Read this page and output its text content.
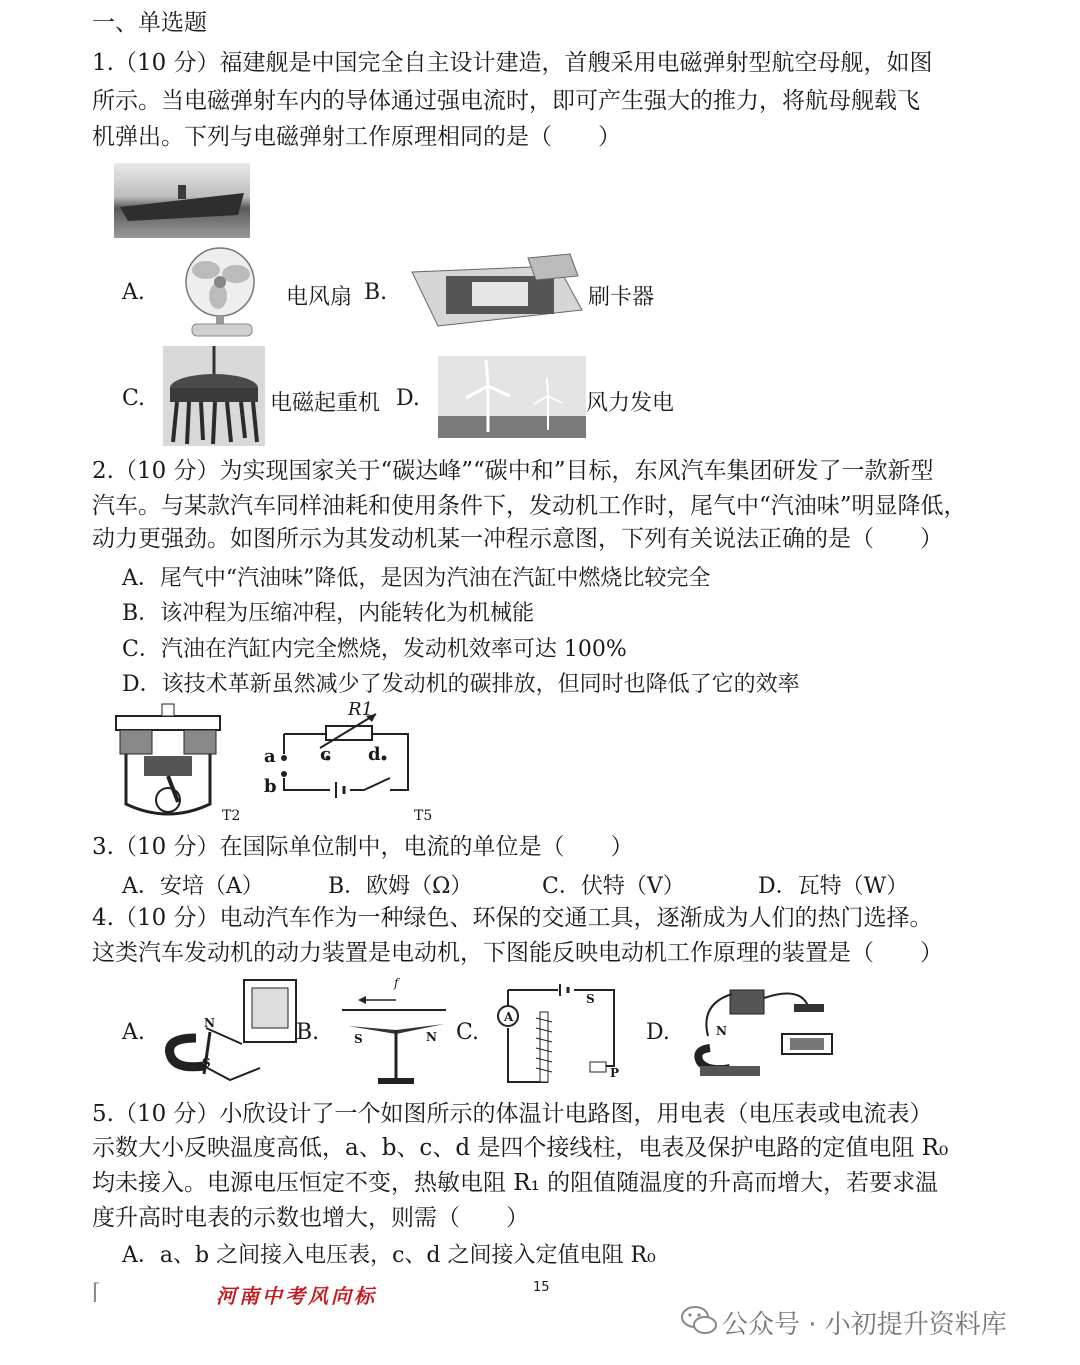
一、单选题
1.（10 分）福建舰是中国完全自主设计建造，首艘采用电磁弹射型航空母舰，如图
所示。当电磁弹射车内的导体通过强电流时，即可产生强大的推力，将航母舰载飞
机弹出。下列与电磁弹射工作原理相同的是（　　）
A.	电风扇 B.	刷卡器
C.	电磁起重机 D.	风力发电
2.（10 分）为实现国家关于“碳达峰”“碳中和”目标，东风汽车集团研发了一款新型
汽车。与某款汽车同样油耗和使用条件下，发动机工作时，尾气中“汽油味”明显降低，
动力更强劲。如图所示为其发动机某一冲程示意图，下列有关说法正确的是（　　）
A．尾气中“汽油味”降低，是因为汽油在汽缸中燃烧比较完全
B．该冲程为压缩冲程，内能转化为机械能
C．汽油在汽缸内完全燃烧，发动机效率可达 100%
D．该技术革新虽然减少了发动机的碳排放，但同时也降低了它的效率
T2
R1
a
b
c d
T5
3.（10 分）在国际单位制中，电流的单位是（　　）
A．安培（A）	B．欧姆（Ω）	C．伏特（V）	D．瓦特（W）
4.（10 分）电动汽车作为一种绿色、环保的交通工具，逐渐成为人们的热门选择。
这类汽车发动机的动力装置是电动机，下图能反映电动机工作原理的装置是（　　）
A.	N
S
B.
f
S	N C.
A
S
P
D.	N
5.（10 分）小欣设计了一个如图所示的体温计电路图，用电表（电压表或电流表）
示数大小反映温度高低，a、b、c、d 是四个接线柱，电表及保护电路的定值电阻 R₀
均未接入。电源电压恒定不变，热敏电阻 R₁ 的阻值随温度的升高而增大，若要求温
度升高时电表的示数也增大，则需（　　）
A．a、b 之间接入电压表，c、d 之间接入定值电阻 R₀
⌈	河南中考风向标	15
公众号 · 小初提升资料库
